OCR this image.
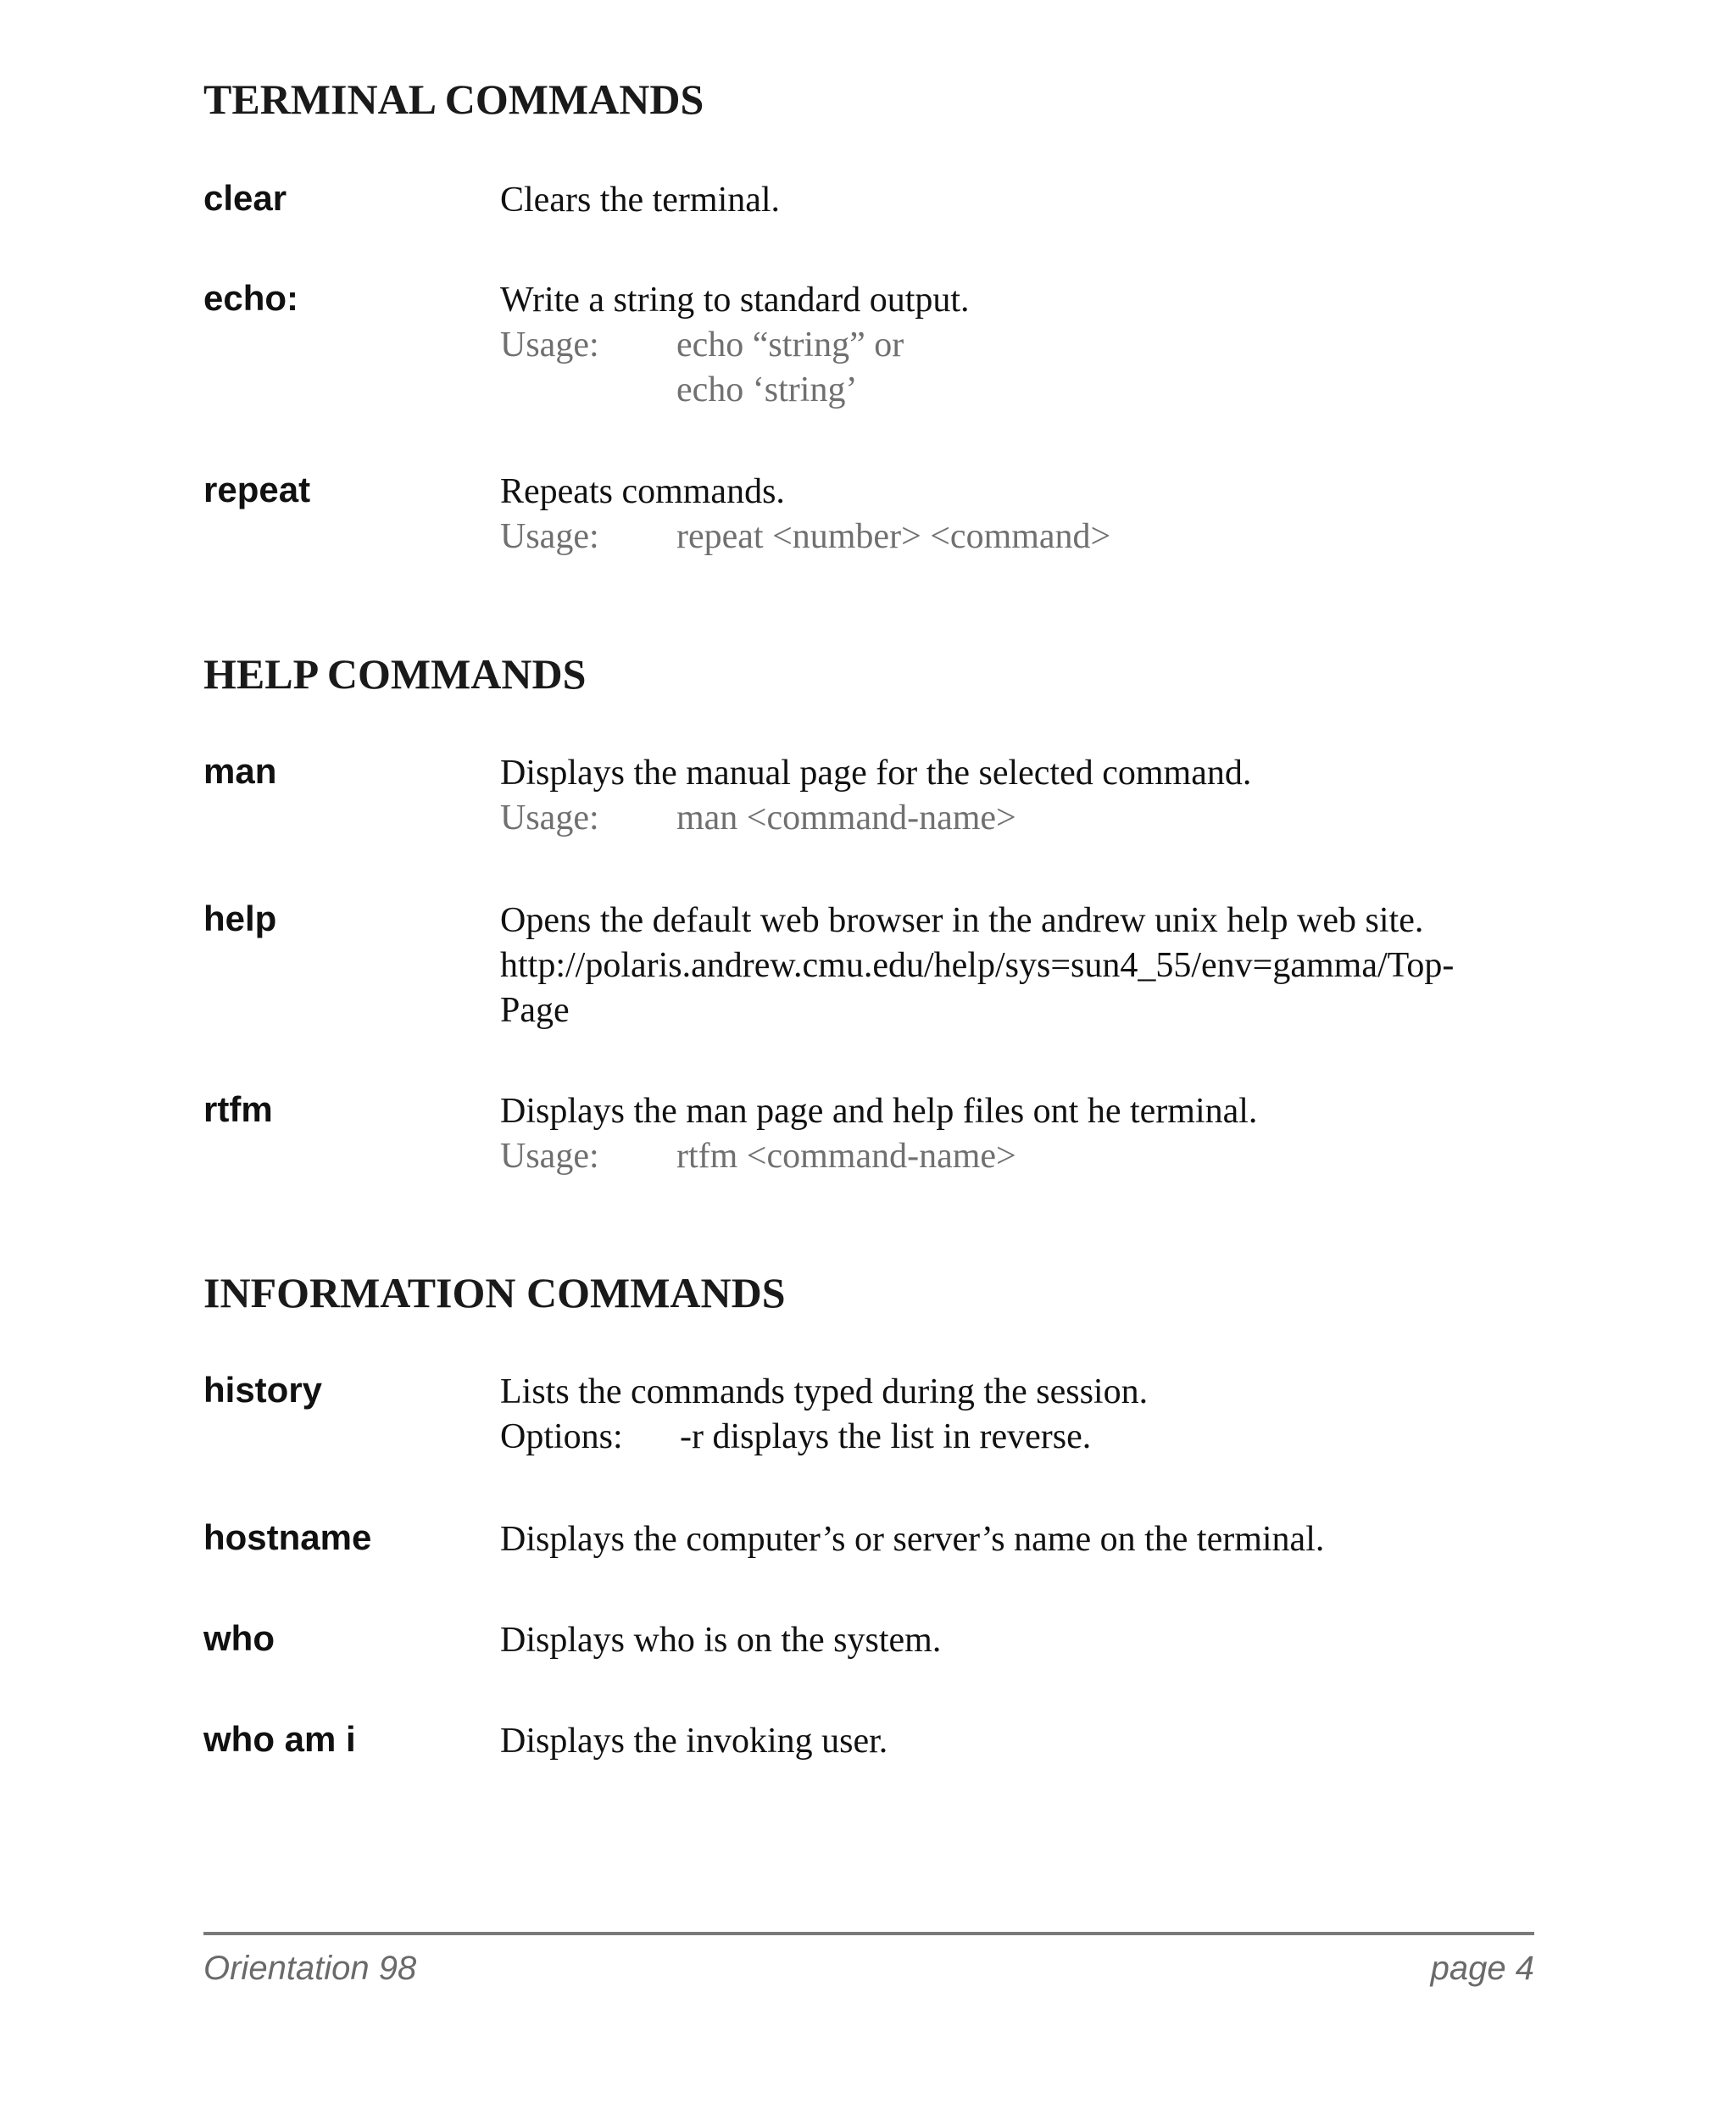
TERMINAL COMMANDS
clear	Clears the terminal.
echo:	Write a string to standard output.
Usage: echo “string” or
echo ‘string’
repeat	Repeats commands.
Usage: repeat <number> <command>
HELP COMMANDS
man	Displays the manual page for the selected command.
Usage: man <command-name>
help	Opens the default web browser in the andrew unix help web site.
http://polaris.andrew.cmu.edu/help/sys=sun4_55/env=gamma/Top-
Page
rtfm	Displays the man page and help files ont he terminal.
Usage: rtfm <command-name>
INFORMATION COMMANDS
history	Lists the commands typed during the session.
Options: -r displays the list in reverse.
hostname	Displays the computer’s or server’s name on the terminal.
who	Displays who is on the system.
who am i	Displays the invoking user.
Orientation 98	page 4
